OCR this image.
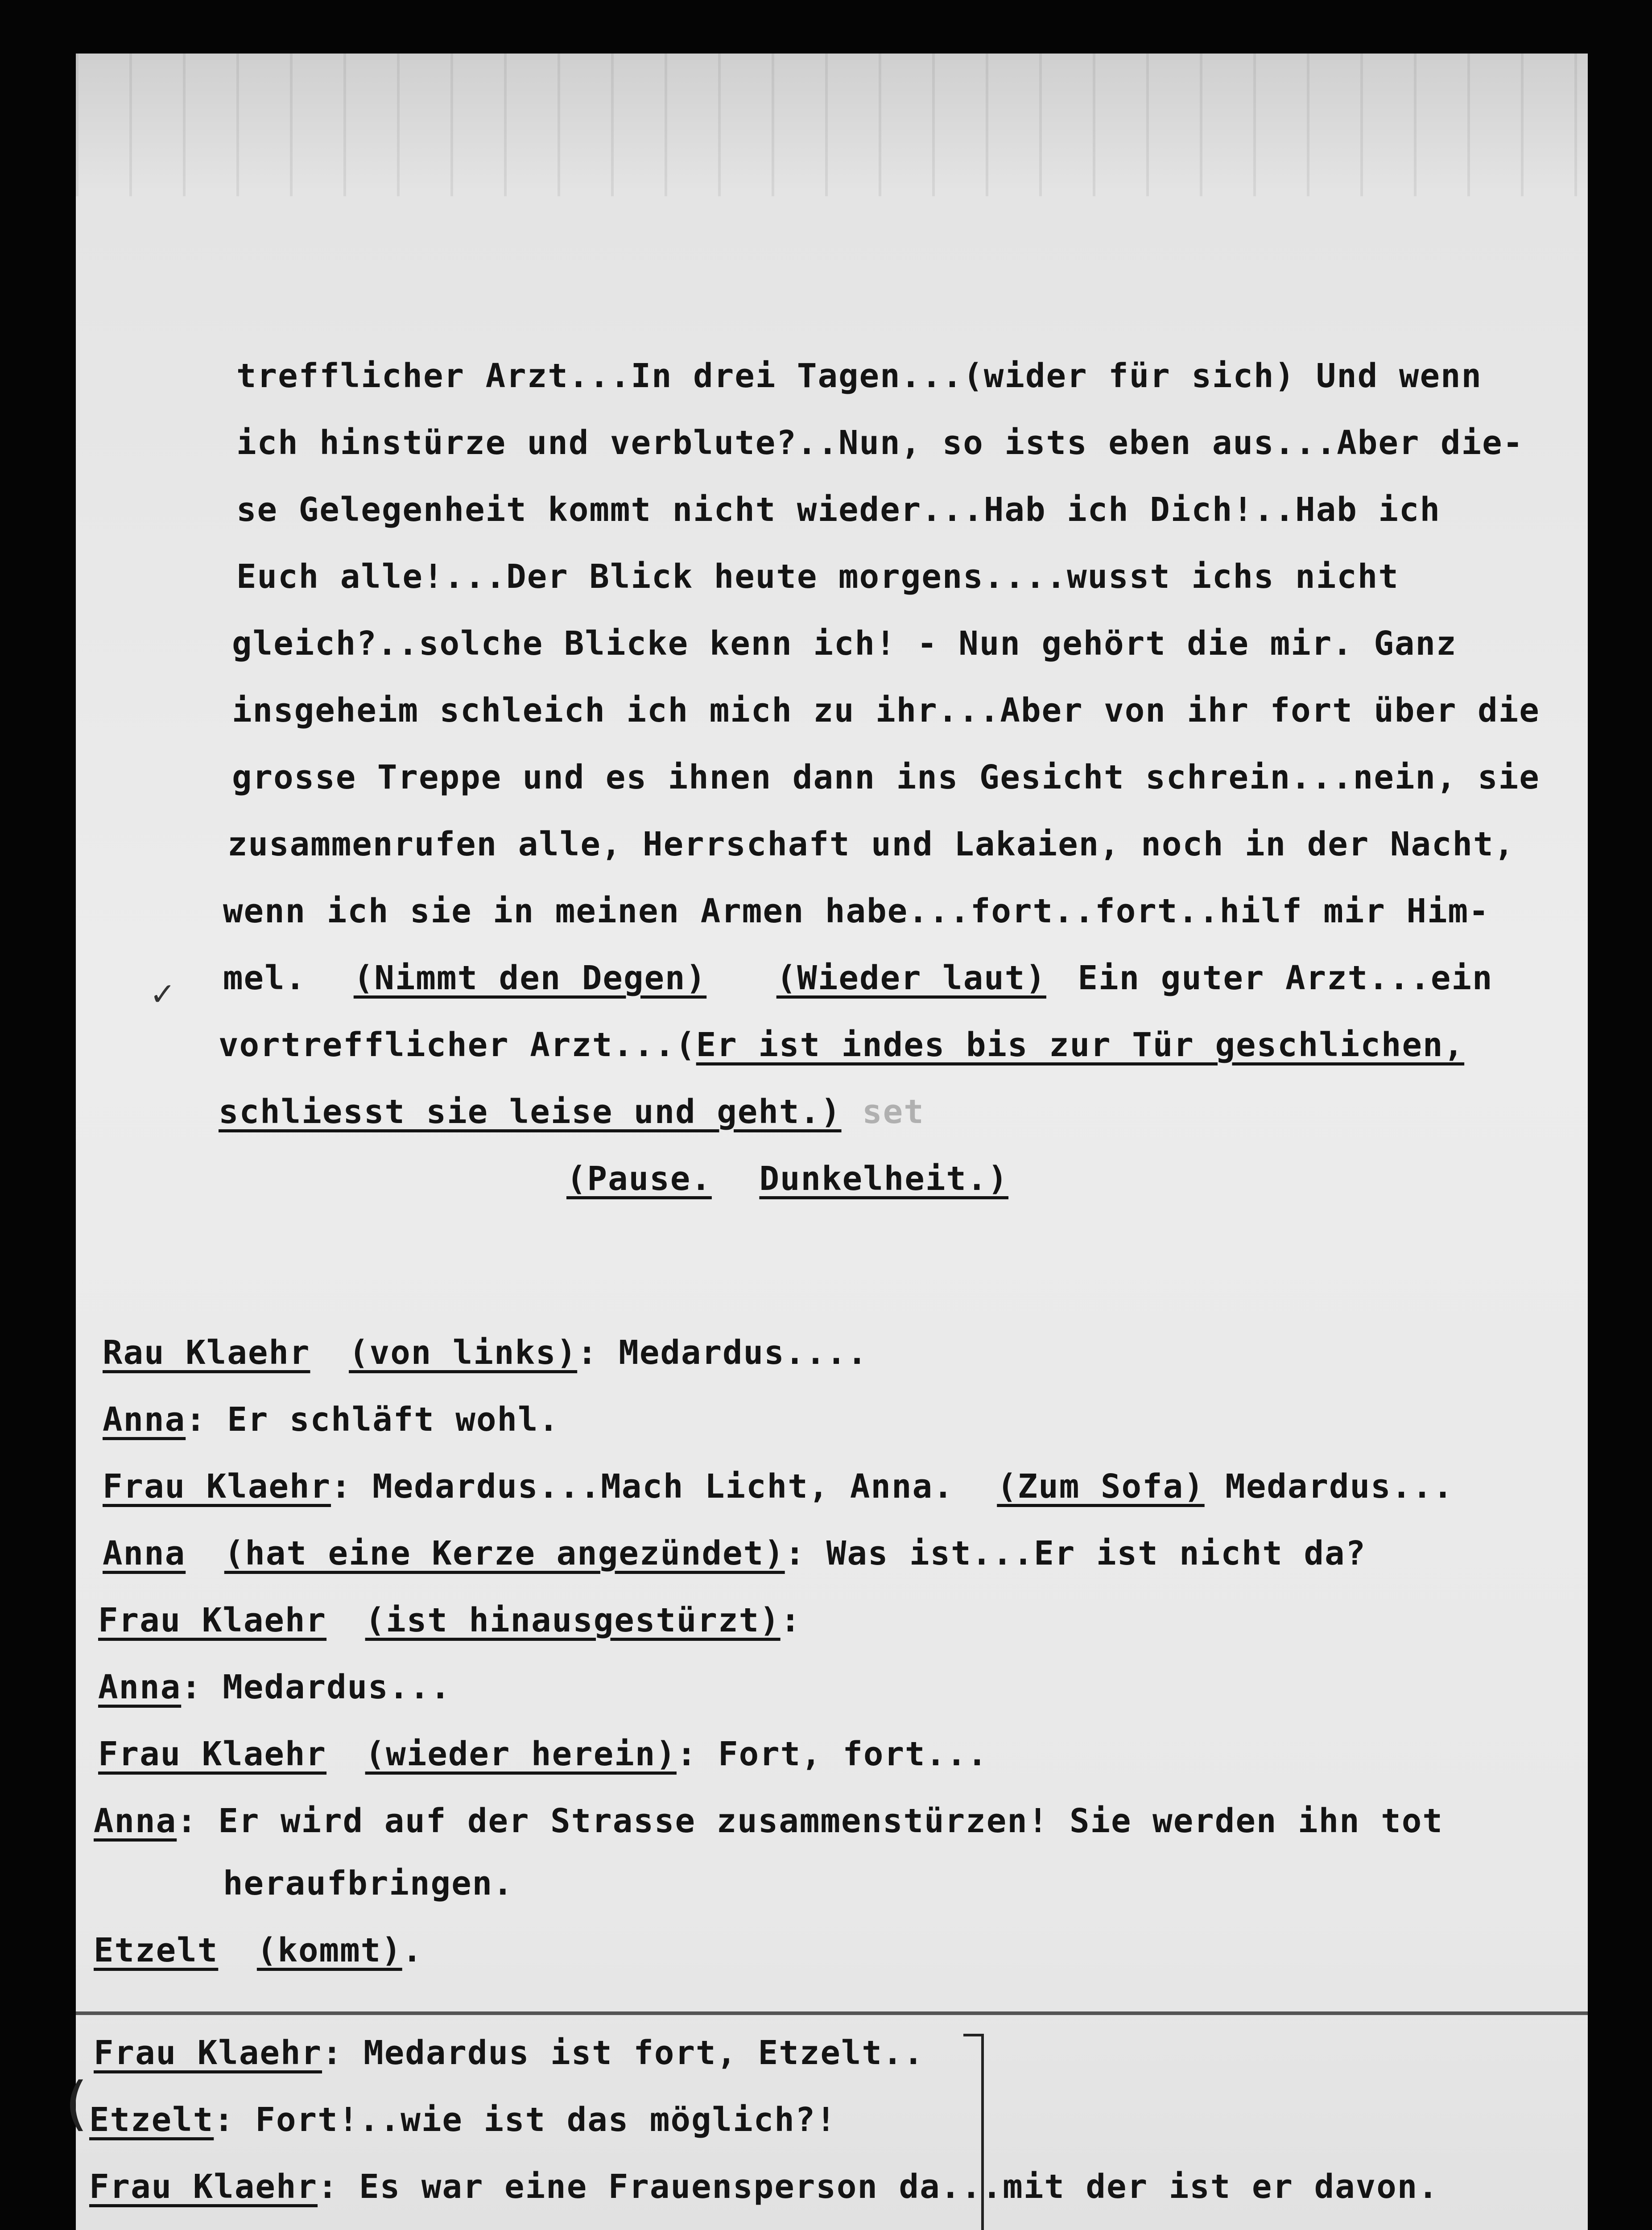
trefflicher Arzt...In drei Tagen...(wider für sich) Und wenn
ich hinstürze und verblute?..Nun, so ists eben aus...Aber die-
se Gelegenheit kommt nicht wieder...Hab ich Dich!..Hab ich
Euch alle!...Der Blick heute morgens....wusst ichs nicht
gleich?..solche Blicke kenn ich! - Nun gehört die mir. Ganz
insgeheim schleich ich mich zu ihr...Aber von ihr fort über die
grosse Treppe und es ihnen dann ins Gesicht schrein...nein, sie
zusammenrufen alle, Herrschaft und Lakaien, noch in der Nacht,
wenn ich sie in meinen Armen habe...fort..fort..hilf mir Him-
mel. (Nimmt den Degen) (Wieder laut) Ein guter Arzt...ein
vortrefflicher Arzt...(Er ist indes bis zur Tür geschlichen,
schliesst sie leise und geht.) set
(Pause. Dunkelheit.)
Rau Klaehr (von links): Medardus....
Anna: Er schläft wohl.
Frau Klaehr: Medardus...Mach Licht, Anna. (Zum Sofa) Medardus...
Anna (hat eine Kerze angezündet): Was ist...Er ist nicht da?
Frau Klaehr (ist hinausgestürzt):
Anna: Medardus...
Frau Klaehr (wieder herein): Fort, fort...
Anna: Er wird auf der Strasse zusammenstürzen! Sie werden ihn tot
heraufbringen.
Etzelt (kommt).
Frau Klaehr: Medardus ist fort, Etzelt..
Etzelt: Fort!..wie ist das möglich?!
Frau Klaehr: Es war eine Frauensperson da...mit der ist er davon.
(
✓
